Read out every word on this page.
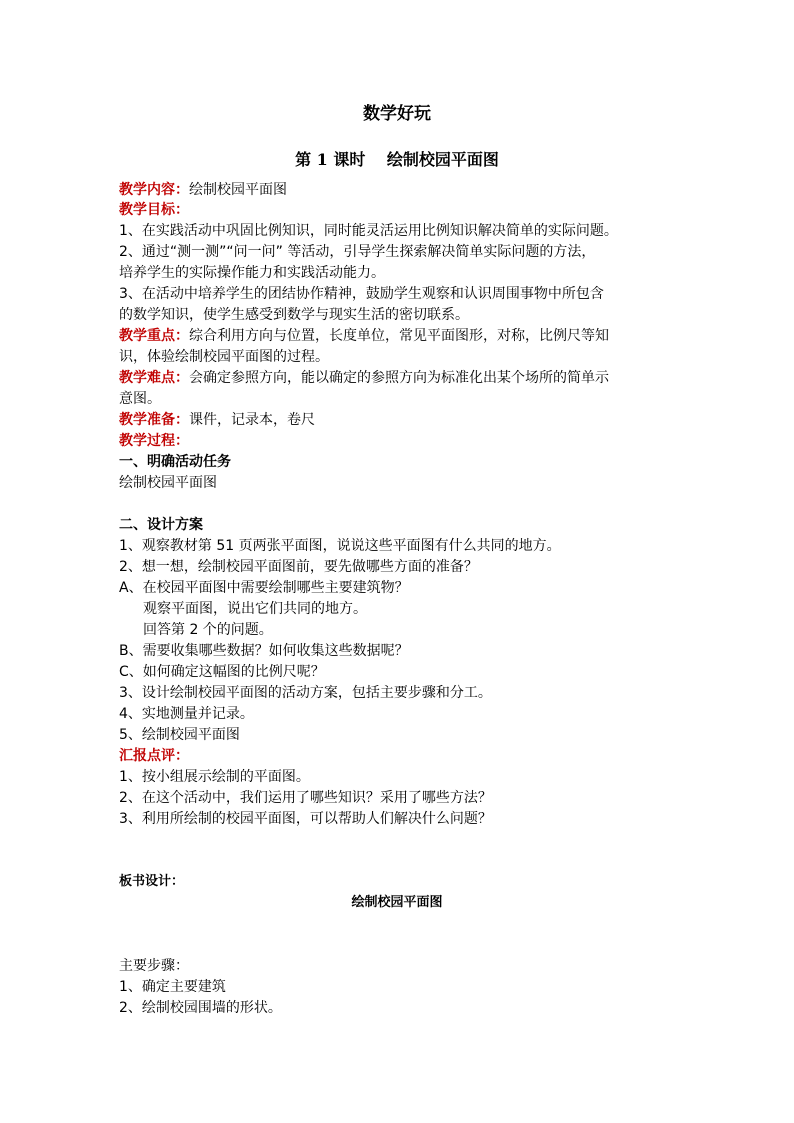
数学好玩
第 1 课时　 绘制校园平面图
教学内容：绘制校园平面图
教学目标：
1、在实践活动中巩固比例知识，同时能灵活运用比例知识解决简单的实际问题。
2、通过“测一测”“问一问” 等活动，引导学生探索解决简单实际问题的方法，
培养学生的实际操作能力和实践活动能力。
3、在活动中培养学生的团结协作精神，鼓励学生观察和认识周围事物中所包含
的数学知识，使学生感受到数学与现实生活的密切联系。
教学重点：综合利用方向与位置，长度单位，常见平面图形，对称，比例尺等知
识，体验绘制校园平面图的过程。
教学难点：会确定参照方向，能以确定的参照方向为标准化出某个场所的简单示
意图。
教学准备：课件，记录本，卷尺
教学过程：
一、明确活动任务
绘制校园平面图
二、设计方案
1、观察教材第 51 页两张平面图，说说这些平面图有什么共同的地方。
2、想一想，绘制校园平面图前，要先做哪些方面的准备？
A、在校园平面图中需要绘制哪些主要建筑物？
观察平面图，说出它们共同的地方。
回答第 2 个的问题。
B、需要收集哪些数据？如何收集这些数据呢？
C、如何确定这幅图的比例尺呢？
3、设计绘制校园平面图的活动方案，包括主要步骤和分工。
4、实地测量并记录。
5、绘制校园平面图
汇报点评：
1、按小组展示绘制的平面图。
2、在这个活动中，我们运用了哪些知识？采用了哪些方法？
3、利用所绘制的校园平面图，可以帮助人们解决什么问题？
板书设计：
绘制校园平面图
主要步骤：
1、确定主要建筑
2、绘制校园围墙的形状。
